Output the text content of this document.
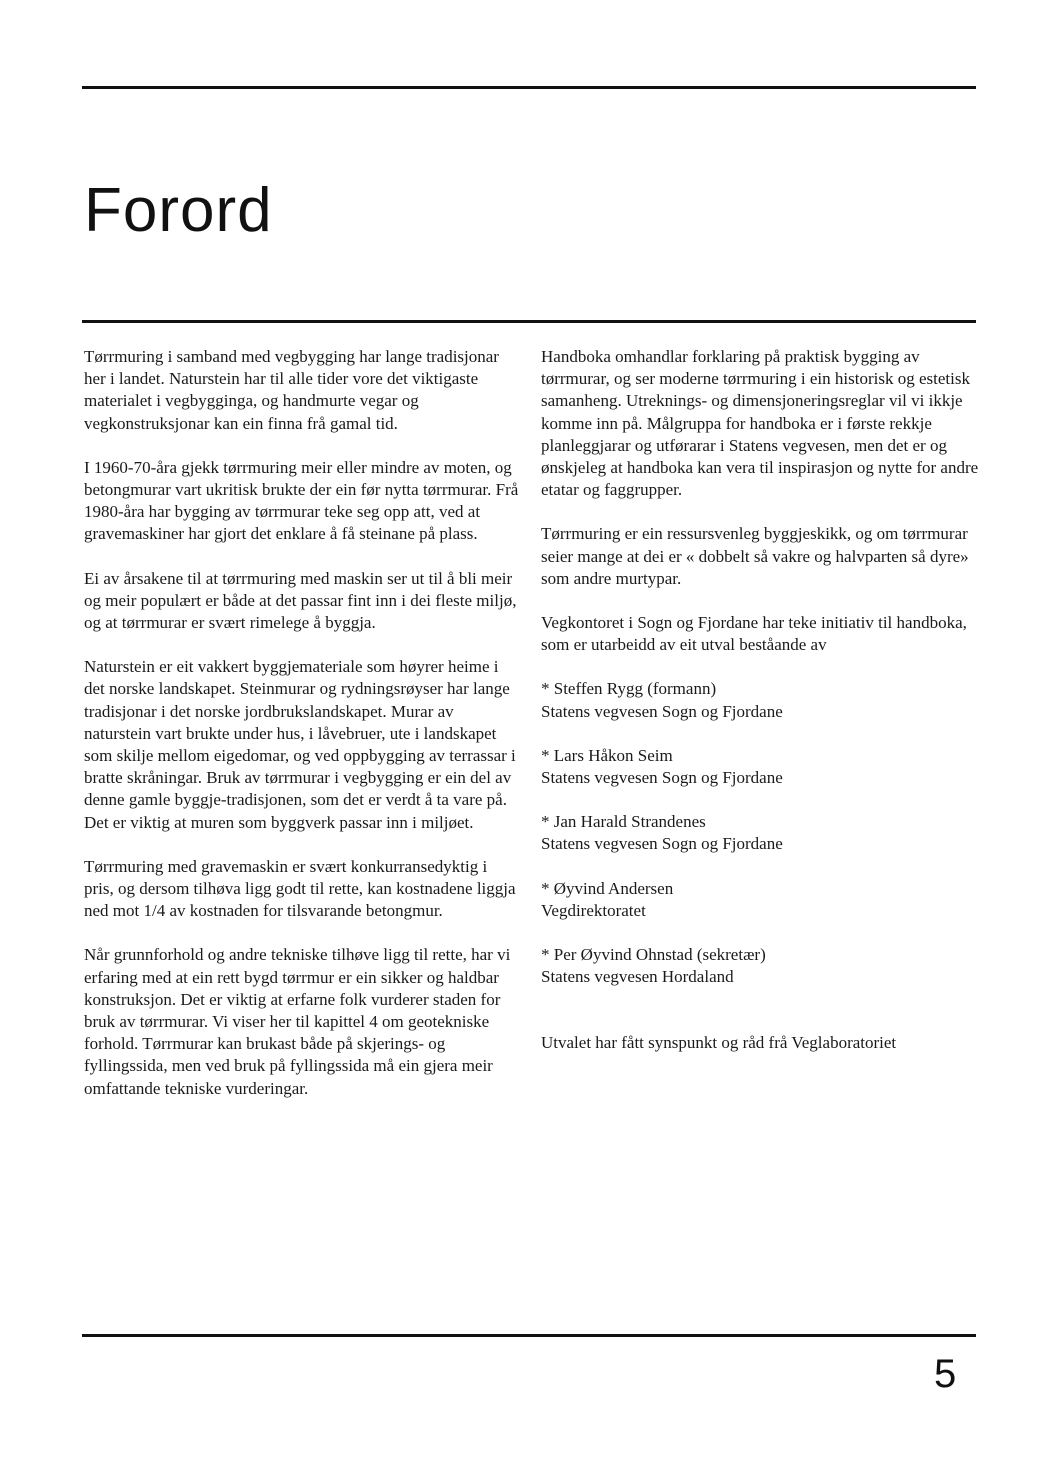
Forord

Tørrmuring i samband med vegbygging har lange tradisjonar her i landet. Naturstein har til alle tider vore det viktigaste materialet i vegbygginga, og handmurte vegar og vegkonstruksjonar kan ein finna frå gamal tid.

I 1960-70-åra gjekk tørrmuring meir eller mindre av moten, og betongmurar vart ukritisk brukte der ein før nytta tørrmurar. Frå 1980-åra har bygging av tørrmurar teke seg opp att, ved at gravemaskiner har gjort det enklare å få steinane på plass.

Ei av årsakene til at tørrmuring med maskin ser ut til å bli meir og meir populært er både at det passar fint inn i dei fleste miljø, og at tørrmurar er svært rimelege å byggja.

Naturstein er eit vakkert byggjemateriale som høyrer heime i det norske landskapet. Steinmurar og rydningsrøyser har lange tradisjonar i det norske jordbrukslandskapet. Murar av naturstein vart brukte under hus, i låvebruer, ute i landskapet som skilje mellom eigedomar, og ved oppbygging av terrassar i bratte skråningar. Bruk av tørrmurar i vegbygging er ein del av denne gamle byggje-tradisjonen, som det er verdt å ta vare på. Det er viktig at muren som byggverk passar inn i miljøet.

Tørrmuring med gravemaskin er svært konkurransedyktig i pris, og dersom tilhøva ligg godt til rette, kan kostnadene liggja ned mot 1/4 av kostnaden for tilsvarande betongmur.

Når grunnforhold og andre tekniske tilhøve ligg til rette, har vi erfaring med at ein rett bygd tørrmur er ein sikker og haldbar konstruksjon. Det er viktig at erfarne folk vurderer staden for bruk av tørrmurar. Vi viser her til kapittel 4 om geotekniske forhold. Tørrmurar kan brukast både på skjerings- og fyllingssida, men ved bruk på fyllingssida må ein gjera meir omfattande tekniske vurderingar.

Handboka omhandlar forklaring på praktisk bygging av tørrmurar, og ser moderne tørrmuring i ein historisk og estetisk samanheng. Utreknings- og dimensjoneringsreglar vil vi ikkje komme inn på. Målgruppa for handboka er i første rekkje planleggjarar og utførarar i Statens vegvesen, men det er og ønskjeleg at handboka kan vera til inspirasjon og nytte for andre etatar og faggrupper.

Tørrmuring er ein ressursvenleg byggjeskikk, og om tørrmurar seier mange at dei er « dobbelt så vakre og halvparten så dyre» som andre murtypar.

Vegkontoret i Sogn og Fjordane har teke initiativ til handboka, som er utarbeidd av eit utval beståande av

* Steffen Rygg (formann)
Statens vegvesen Sogn og Fjordane
* Lars Håkon Seim
Statens vegvesen Sogn og Fjordane
* Jan Harald Strandenes
Statens vegvesen Sogn og Fjordane
* Øyvind Andersen
Vegdirektoratet
* Per Øyvind Ohnstad (sekretær)
Statens vegvesen Hordaland

Utvalet har fått synspunkt og råd frå Veglaboratoriet

5
